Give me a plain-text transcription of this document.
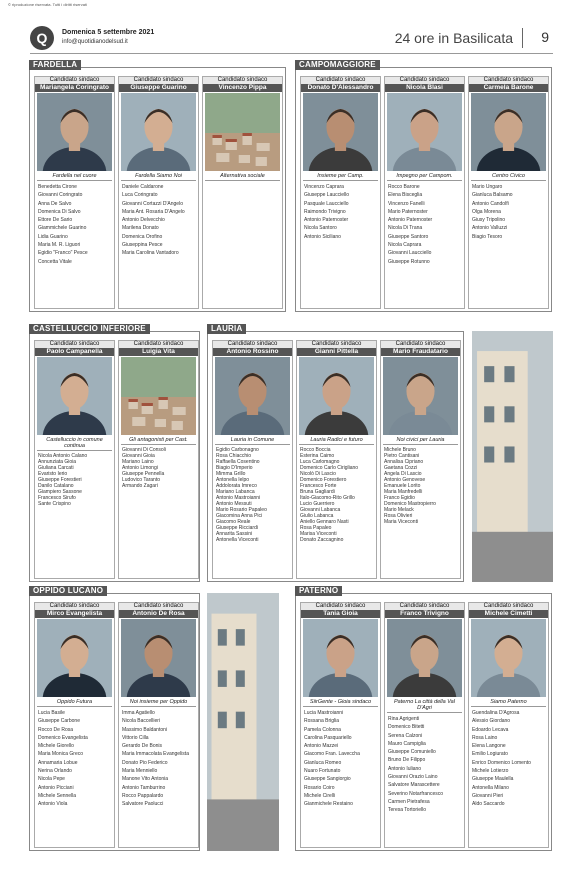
© riproduzione riservata. Tutti i diritti riservati
Q	Domenica 5 settembre 2021
info@quotidianodelsud.it	24 ore in Basilicata 9
FARDELLA
Candidato sindaco
Mariangela Coringrato
Fardella nel cuore
Benedetta Cirone
Giovanni Coringrato
Anna De Salvo
Domenica Di Salvo
Ettore De Sario
Giammichele Guarino
Lidia Guarino
Maria M. R. Liguori
Egidio "Franco" Pesce
Concetta Vitale
Candidato sindaco
Giuseppe Guarino
Fardella Siamo Noi
Daniele Caldarone
Luca Coringrato
Giovanni Cortazzi D'Angelo
Maria Ant. Rosaria D'Angelo
Antonio Delvecchio
Marilena Donato
Domenica Orofino
Giuseppina Pesce
Maria Carolina Vantadoro
Candidato sindaco
Vincenzo Pippa
Alternativa sociale
CAMPOMAGGIORE
Candidato sindaco
Donato D'Alessandro
Insieme per Camp.
Vincenzo Caprara
Giuseppe Laucciello
Pasquale Laucciello
Raimondo Trivigno
Antonio Paternoster
Nicola Santoro
Antonio Siciliano
Candidato sindaco
Nicola Blasi
Impegno per Campom.
Rocco Barone
Elena Bisceglia
Vincenzo Fanelli
Mario Paternoster
Antonio Paternoster
Nicola Di Trana
Giuseppe Santoro
Nicola Caprara
Giovanni Laucciello
Giuseppe Rotunno
Candidato sindaco
Carmela Barone
Centro Civico
Mario Ungaro
Gianluca Balsamo
Antonio Candolfi
Olga Morena
Giusy Tripolino
Antonio Valluzzi
Biagio Tesoro
CASTELLUCCIO INFERIORE
Candidato sindaco
Paolo Campanella
Castelluccio in comune continua
Nicola Antonio Calano
Annunziata Gioia
Giuliana Carcati
Evaristo Ierio
Giuseppe Forestieri
Danilo Catalano
Giampiero Sassone
Francesco Sirufo
Sante Crispino
Candidato sindaco
Luigia Vita
Gli antagonisti per Cast.
Giovanni Di Consoli
Giovanni Gioia
Mariano Laino
Antonio Limongi
Giuseppe Pennella
Ludovico Taranto
Armando Zagari
LAURIA
Candidato sindaco
Antonio Rossino
Lauria in Comune
Egidio Carbonagno
Rosa Chiacchio
Raffaella Cosentino
Biagio D'Imperio
Mimma Grillo
Antonella Ielpo
Addolorata Imreco
Mariano Labanca
Antonio Mastroianni
Antonio Messuti
Mario Rosario Papaleo
Giacomina Anna Pici
Giacomo Reale
Giuseppe Ricciardi
Annarita Sassini
Antonella Viceconti
Candidato sindaco
Gianni Pittella
Lauria Radici e futuro
Rocco Boccia
Esterina Caimo
Luca Carlomagno
Domenico Carlo Cirigliano
Nicolò Di Lascio
Domenico Forestiero
Francesco Forte
Bruna Gagliardi
Italo-Giacomo-Rito Grillo
Lucio Guerriero
Giovanni Labanca
Giulio Labanca
Aniello Gennaro Nasti
Rosa Papaleo
Marisa Viceconti
Donato Zaccagnino
Candidato sindaco
Mario Fraudatario
Noi civici per Lauria
Michele Bruno
Pietro Cantisani
Annalisa Cipriano
Gaetana Cozzi
Angela Di Lascio
Antonio Genovese
Emanuele Lorito
Maria Manfredelli
Franco Egidio
Domenico Mastropierro
Mario Melack
Rosa Olivieri
Maria Viceconti
OPPIDO LUCANO
Candidato sindaco
Mirco Evangelista
Oppido Futura
Lucia Basile
Giuseppe Carbone
Rocco De Rosa
Domenico Evangelista
Michele Giorello
Maria Monica Greco
Annamaria Lobue
Nerina Orlando
Nicola Pepe
Antonio Picciani
Michele Sennella
Antonio Viola
Candidato sindaco
Antonio De Rosa
Noi insieme per Oppido
Imma Agatiello
Nicola Baccellieri
Massimo Baldantoni
Vittorio Cilla
Gerardo De Bonis
Maria Immacolata Evangelista
Donato Pio Federico
Maria Menniello
Manone Vito Antonia
Antonio Tamburrino
Rocco Pappalardo
Salvatore Paolucci
PATERNO
Candidato sindaco
Tania Gioia
SiirGente - Gioia sindaco
Lucia Mastroianni
Rossana Briglia
Pamela Colonna
Carolina Pasquariello
Antonio Mazzei
Giacomo Fran. Laveccha
Gianluca Romeo
Nuaro Fortunato
Giuseppe Sangiorgio
Rosario Coiro
Michele Cirelli
Gianmichele Restaino
Candidato sindaco
Franco Trivigno
Paterno La città della Val D'Agri
Rina Agrigenti
Domenico Bitetti
Serena Calzoni
Mauro Campiglia
Giuseppe Comuniello
Bruno De Filippo
Antonio Iuliano
Giovanni Orazio Laino
Salvatore Marascettere
Severino Notarfrancesco
Carmen Pietrafesa
Teresa Tortoriello
Candidato sindaco
Michele Cimetti
Siamo Paterno
Guendalina D'Agrosa
Alessio Giordano
Edoardo Lecava
Rosa Laino
Elena Langone
Emilio Logiurato
Enrico Domenico Lomento
Michele Lotierzo
Giuseppe Maulella
Antonella Milano
Giovanni Pieri
Aldo Saccardo
